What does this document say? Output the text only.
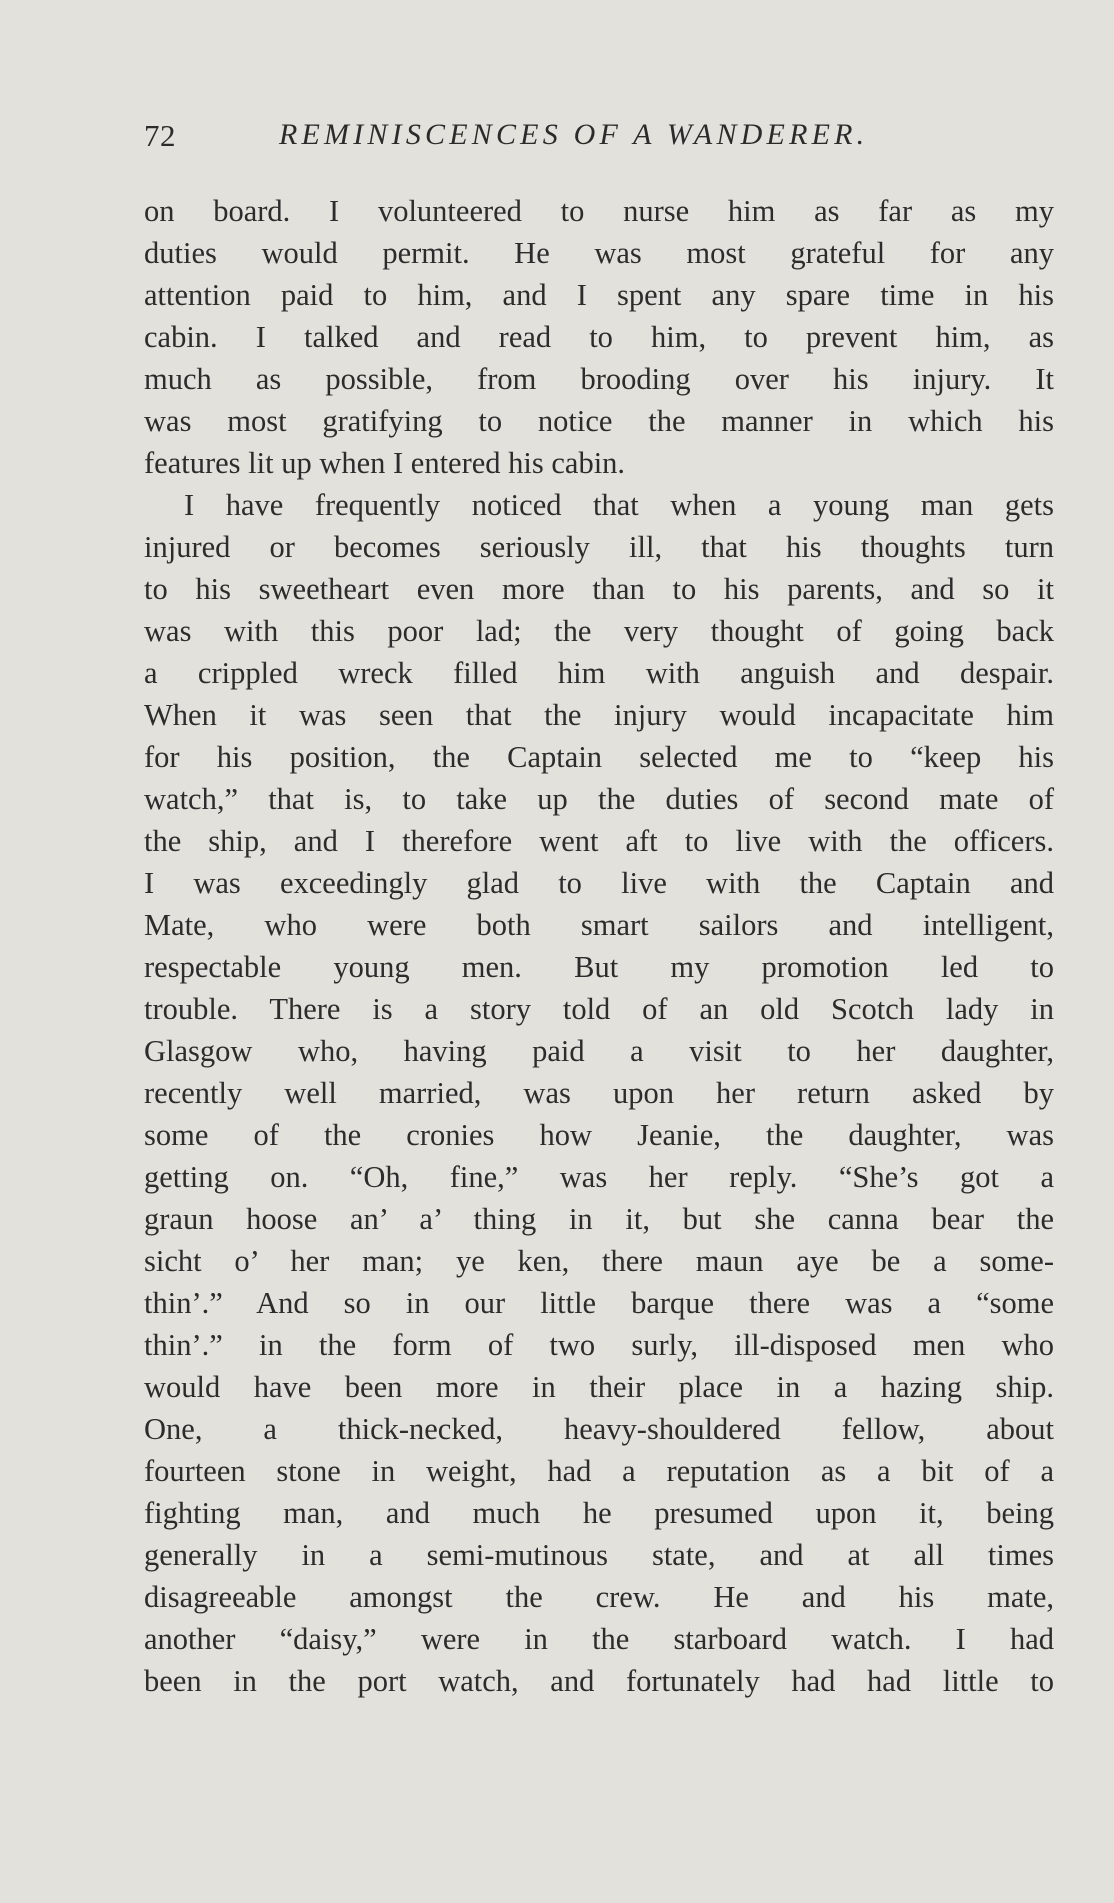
72	REMINISCENCES OF A WANDERER.
on board. I volunteered to nurse him as far as my
duties would permit. He was most grateful for any
attention paid to him, and I spent any spare time in his
cabin. I talked and read to him, to prevent him, as
much as possible, from brooding over his injury. It
was most gratifying to notice the manner in which his
features lit up when I entered his cabin.
I have frequently noticed that when a young man gets
injured or becomes seriously ill, that his thoughts turn
to his sweetheart even more than to his parents, and so it
was with this poor lad; the very thought of going back
a crippled wreck filled him with anguish and despair.
When it was seen that the injury would incapacitate him
for his position, the Captain selected me to “keep his
watch,” that is, to take up the duties of second mate of
the ship, and I therefore went aft to live with the officers.
I was exceedingly glad to live with the Captain and
Mate, who were both smart sailors and intelligent,
respectable young men. But my promotion led to
trouble. There is a story told of an old Scotch lady in
Glasgow who, having paid a visit to her daughter,
recently well married, was upon her return asked by
some of the cronies how Jeanie, the daughter, was
getting on. “Oh, fine,” was her reply. “She’s got a
graun hoose an’ a’ thing in it, but she canna bear the
sicht o’ her man; ye ken, there maun aye be a some-
thin’.” And so in our little barque there was a “some
thin’.” in the form of two surly, ill-disposed men who
would have been more in their place in a hazing ship.
One, a thick-necked, heavy-shouldered fellow, about
fourteen stone in weight, had a reputation as a bit of a
fighting man, and much he presumed upon it, being
generally in a semi-mutinous state, and at all times
disagreeable amongst the crew. He and his mate,
another “daisy,” were in the starboard watch. I had
been in the port watch, and fortunately had had little to
